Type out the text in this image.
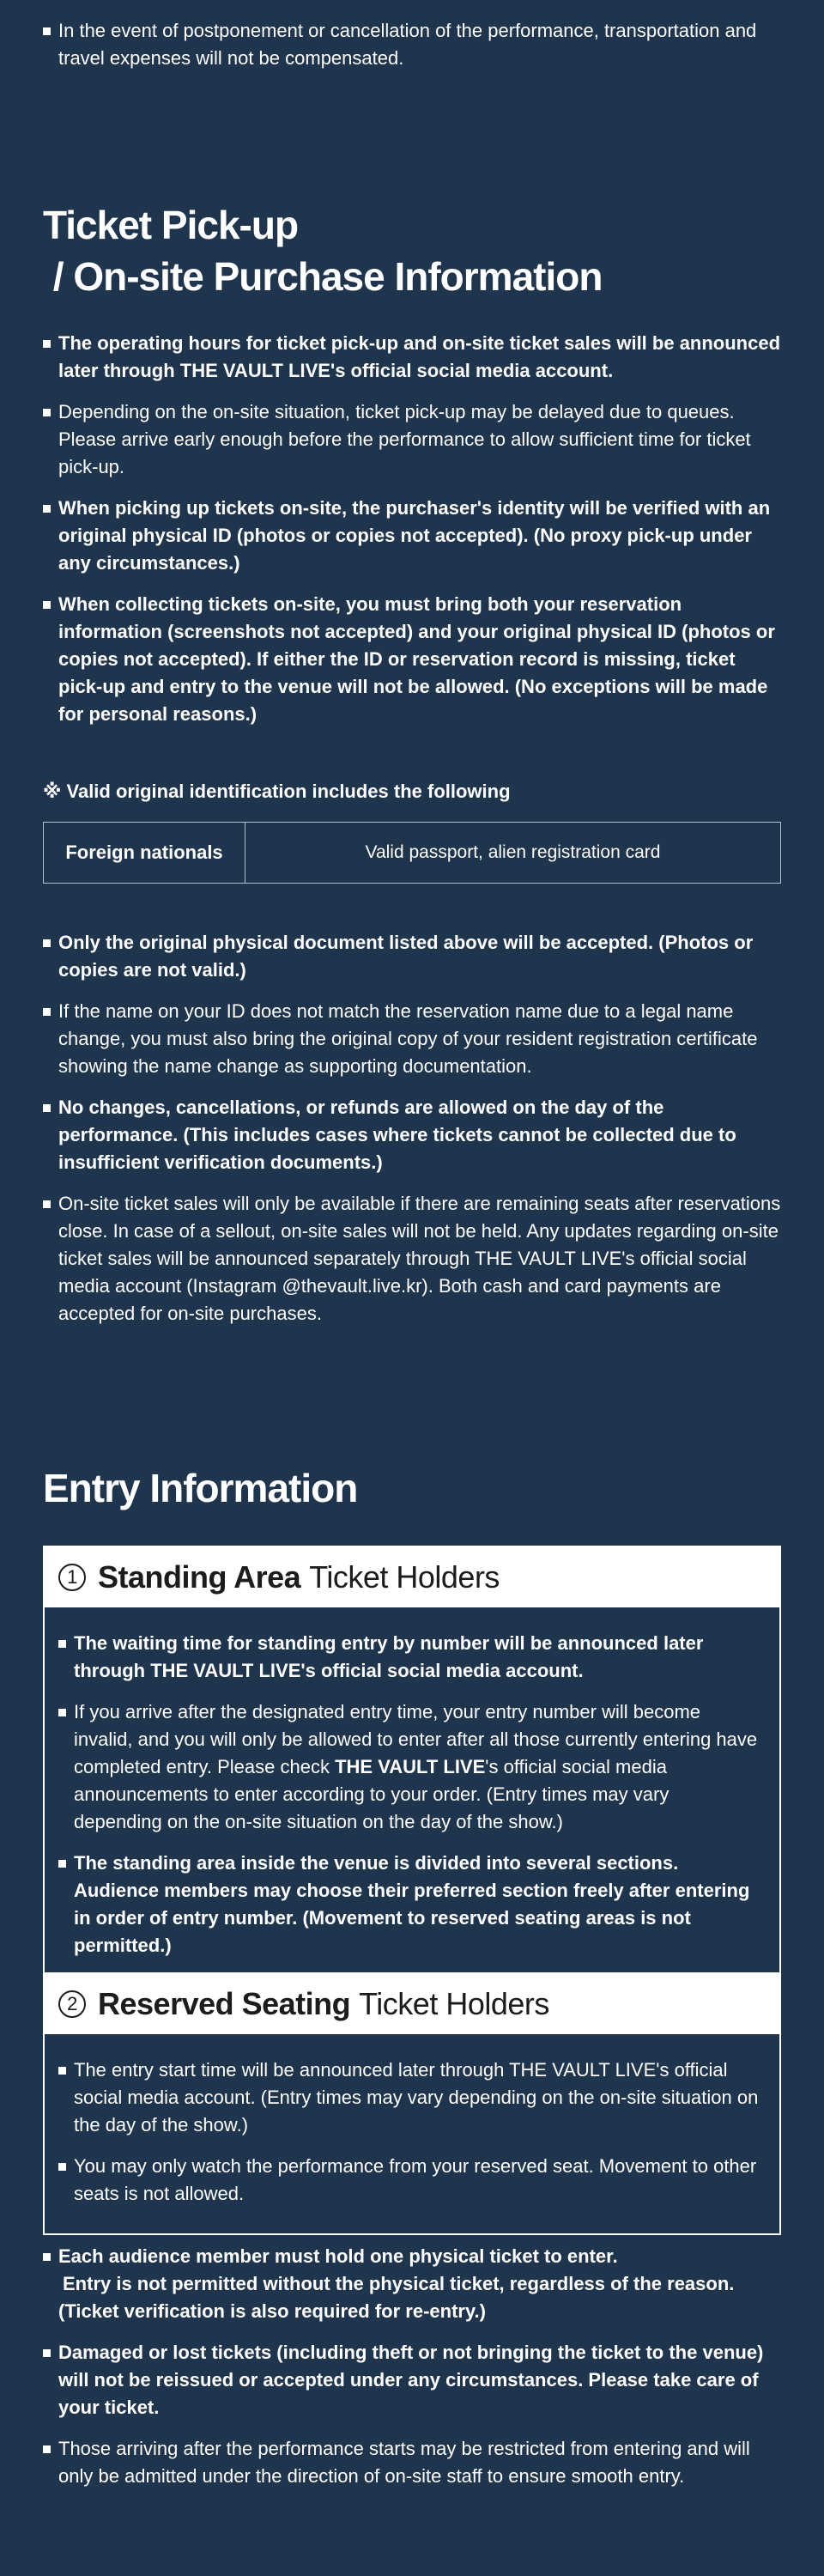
In the event of postponement or cancellation of the performance, transportation and travel expenses will not be compensated.
Ticket Pick-up
/ On-site Purchase Information
The operating hours for ticket pick-up and on-site ticket sales will be announced later through THE VAULT LIVE's official social media account.
Depending on the on-site situation, ticket pick-up may be delayed due to queues. Please arrive early enough before the performance to allow sufficient time for ticket pick-up.
When picking up tickets on-site, the purchaser's identity will be verified with an original physical ID (photos or copies not accepted). (No proxy pick-up under any circumstances.)
When collecting tickets on-site, you must bring both your reservation information (screenshots not accepted) and your original physical ID (photos or copies not accepted). If either the ID or reservation record is missing, ticket pick-up and entry to the venue will not be allowed. (No exceptions will be made for personal reasons.)

※ Valid original identification includes the following

Foreign nationals	Valid passport, alien registration card
Only the original physical document listed above will be accepted. (Photos or copies are not valid.)
If the name on your ID does not match the reservation name due to a legal name change, you must also bring the original copy of your resident registration certificate showing the name change as supporting documentation.
No changes, cancellations, or refunds are allowed on the day of the performance. (This includes cases where tickets cannot be collected due to insufficient verification documents.)
On-site ticket sales will only be available if there are remaining seats after reservations close. In case of a sellout, on-site sales will not be held. Any updates regarding on-site ticket sales will be announced separately through THE VAULT LIVE's official social media account (Instagram @thevault.live.kr). Both cash and card payments are accepted for on-site purchases.
Entry Information
1 Standing Area Ticket Holders
The waiting time for standing entry by number will be announced later through THE VAULT LIVE's official social media account.
If you arrive after the designated entry time, your entry number will become invalid, and you will only be allowed to enter after all those currently entering have completed entry. Please check THE VAULT LIVE's official social media announcements to enter according to your order. (Entry times may vary depending on the on-site situation on the day of the show.)
The standing area inside the venue is divided into several sections. Audience members may choose their preferred section freely after entering in order of entry number. (Movement to reserved seating areas is not permitted.)
2 Reserved Seating Ticket Holders
The entry start time will be announced later through THE VAULT LIVE's official social media account. (Entry times may vary depending on the on-site situation on the day of the show.)
You may only watch the performance from your reserved seat. Movement to other seats is not allowed.
Each audience member must hold one physical ticket to enter.
Entry is not permitted without the physical ticket, regardless of the reason.
(Ticket verification is also required for re-entry.)
Damaged or lost tickets (including theft or not bringing the ticket to the venue) will not be reissued or accepted under any circumstances. Please take care of your ticket.
Those arriving after the performance starts may be restricted from entering and will only be admitted under the direction of on-site staff to ensure smooth entry.
